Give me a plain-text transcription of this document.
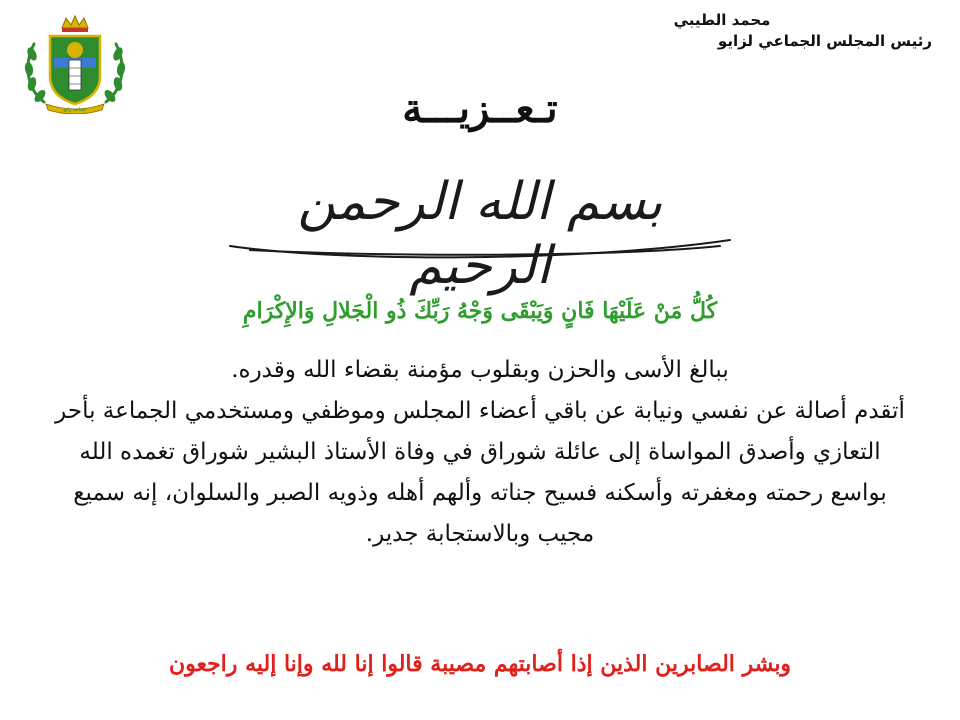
محمد الطيبي
رئيس المجلس الجماعي لزايو
جماعة زايو	تـعــزيـــة
بسم الله الرحمن الرحيم
كُلُّ مَنْ عَلَيْهَا فَانٍ وَيَبْقَى وَجْهُ رَبِّكَ ذُو الْجَلالِ وَالإِكْرَامِ
ببالغ الأسى والحزن وبقلوب مؤمنة بقضاء الله وقدره.
أتقدم أصالة عن نفسي ونيابة عن باقي أعضاء المجلس وموظفي ومستخدمي الجماعة بأحر
التعازي وأصدق المواساة إلى عائلة شوراق في وفاة الأستاذ البشير شوراق تغمده الله
بواسع رحمته ومغفرته وأسكنه فسيح جناته وألهم أهله وذويه الصبر والسلوان، إنه سميع
مجيب وبالاستجابة جدير.
وبشر الصابرين الذين إذا أصابتهم مصيبة قالوا إنا لله وإنا إليه راجعون
